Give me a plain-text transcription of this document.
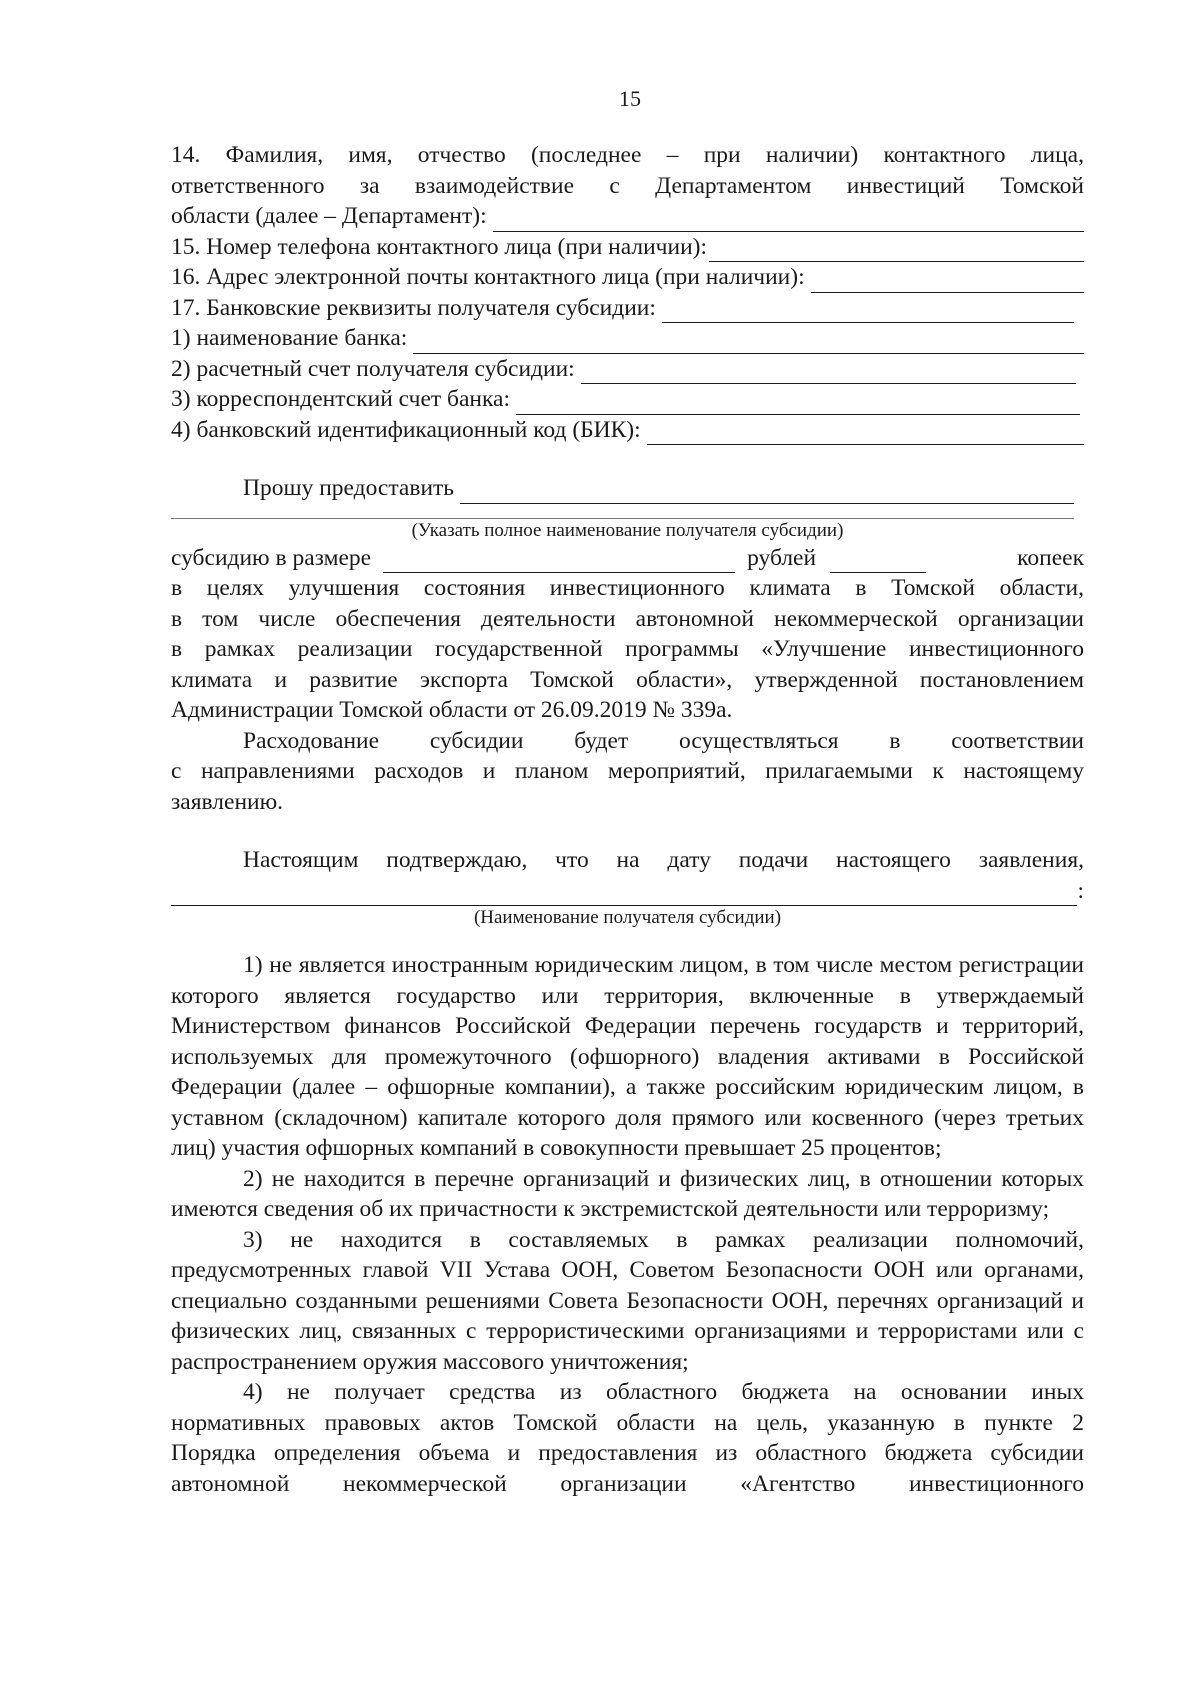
15

14. Фамилия, имя, отчество (последнее – при наличии) контактного лица,

ответственного за взаимодействие с Департаментом инвестиций Томской

области (далее – Департамент):
15. Номер телефона контактного лица (при наличии):
16. Адрес электронной почты контактного лица (при наличии):
17. Банковские реквизиты получателя субсидии:
1) наименование банка:
2) расчетный счет получателя субсидии:
3) корреспондентский счет банка:
4) банковский идентификационный код (БИК):
Прошу предоставить

(Указать полное наименование получателя субсидии)

субсидию в размере	рублей	копеек

в целях улучшения состояния инвестиционного климата в Томской области,

в том числе обеспечения деятельности автономной некоммерческой организации

в рамках реализации государственной программы «Улучшение инвестиционного

климата и развитие экспорта Томской области», утвержденной постановлением

Администрации Томской области от 26.09.2019 № 339а.

Расходование субсидии будет осуществляться в соответствии

с направлениями расходов и планом мероприятий, прилагаемыми к настоящему

заявлению.

Настоящим подтверждаю, что на дату подачи настоящего заявления,

:

(Наименование получателя субсидии)

1) не является иностранным юридическим лицом, в том числе местом регистрации которого является государство или территория, включенные в утверждаемый Министерством финансов Российской Федерации перечень государств и территорий, используемых для промежуточного (офшорного) владения активами в Российской Федерации (далее – офшорные компании), а также российским юридическим лицом, в уставном (складочном) капитале которого доля прямого или косвенного (через третьих лиц) участия офшорных компаний в совокупности превышает 25 процентов;

2) не находится в перечне организаций и физических лиц, в отношении которых имеются сведения об их причастности к экстремистской деятельности или терроризму;

3) не находится в составляемых в рамках реализации полномочий, предусмотренных главой VII Устава ООН, Советом Безопасности ООН или органами, специально созданными решениями Совета Безопасности ООН, перечнях организаций и физических лиц, связанных с террористическими организациями и террористами или с распространением оружия массового уничтожения;

4) не получает средства из областного бюджета на основании иных

нормативных правовых актов Томской области на цель, указанную в пункте 2

Порядка определения объема и предоставления из областного бюджета субсидии

автономной некоммерческой организации «Агентство инвестиционного
